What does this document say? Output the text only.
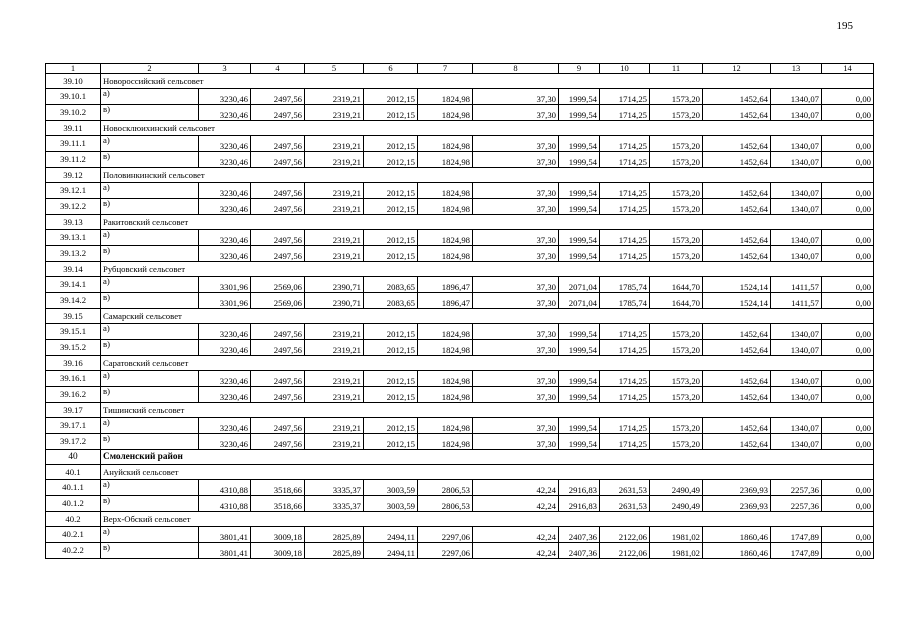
195
1	2	3	4	5	6	7	8	9	10	11	12	13	14
39.10	Новороссийский сельсовет												
39.10.1	а)	3230,46	2497,56	2319,21	2012,15	1824,98	37,30	1999,54	1714,25	1573,20	1452,64	1340,07	0,00
39.10.2	в)	3230,46	2497,56	2319,21	2012,15	1824,98	37,30	1999,54	1714,25	1573,20	1452,64	1340,07	0,00
39.11	Новосклюихинский сельсовет												
39.11.1	а)	3230,46	2497,56	2319,21	2012,15	1824,98	37,30	1999,54	1714,25	1573,20	1452,64	1340,07	0,00
39.11.2	в)	3230,46	2497,56	2319,21	2012,15	1824,98	37,30	1999,54	1714,25	1573,20	1452,64	1340,07	0,00
39.12	Половинкинский сельсовет												
39.12.1	а)	3230,46	2497,56	2319,21	2012,15	1824,98	37,30	1999,54	1714,25	1573,20	1452,64	1340,07	0,00
39.12.2	в)	3230,46	2497,56	2319,21	2012,15	1824,98	37,30	1999,54	1714,25	1573,20	1452,64	1340,07	0,00
39.13	Ракитовский сельсовет												
39.13.1	а)	3230,46	2497,56	2319,21	2012,15	1824,98	37,30	1999,54	1714,25	1573,20	1452,64	1340,07	0,00
39.13.2	в)	3230,46	2497,56	2319,21	2012,15	1824,98	37,30	1999,54	1714,25	1573,20	1452,64	1340,07	0,00
39.14	Рубцовский сельсовет												
39.14.1	а)	3301,96	2569,06	2390,71	2083,65	1896,47	37,30	2071,04	1785,74	1644,70	1524,14	1411,57	0,00
39.14.2	в)	3301,96	2569,06	2390,71	2083,65	1896,47	37,30	2071,04	1785,74	1644,70	1524,14	1411,57	0,00
39.15	Самарский сельсовет												
39.15.1	а)	3230,46	2497,56	2319,21	2012,15	1824,98	37,30	1999,54	1714,25	1573,20	1452,64	1340,07	0,00
39.15.2	в)	3230,46	2497,56	2319,21	2012,15	1824,98	37,30	1999,54	1714,25	1573,20	1452,64	1340,07	0,00
39.16	Саратовский сельсовет												
39.16.1	а)	3230,46	2497,56	2319,21	2012,15	1824,98	37,30	1999,54	1714,25	1573,20	1452,64	1340,07	0,00
39.16.2	в)	3230,46	2497,56	2319,21	2012,15	1824,98	37,30	1999,54	1714,25	1573,20	1452,64	1340,07	0,00
39.17	Тишинский сельсовет												
39.17.1	а)	3230,46	2497,56	2319,21	2012,15	1824,98	37,30	1999,54	1714,25	1573,20	1452,64	1340,07	0,00
39.17.2	в)	3230,46	2497,56	2319,21	2012,15	1824,98	37,30	1999,54	1714,25	1573,20	1452,64	1340,07	0,00
40	Смоленский район												
40.1	Ануйский сельсовет												
40.1.1	а)	4310,88	3518,66	3335,37	3003,59	2806,53	42,24	2916,83	2631,53	2490,49	2369,93	2257,36	0,00
40.1.2	в)	4310,88	3518,66	3335,37	3003,59	2806,53	42,24	2916,83	2631,53	2490,49	2369,93	2257,36	0,00
40.2	Верх-Обский сельсовет												
40.2.1	а)	3801,41	3009,18	2825,89	2494,11	2297,06	42,24	2407,36	2122,06	1981,02	1860,46	1747,89	0,00
40.2.2	в)	3801,41	3009,18	2825,89	2494,11	2297,06	42,24	2407,36	2122,06	1981,02	1860,46	1747,89	0,00
